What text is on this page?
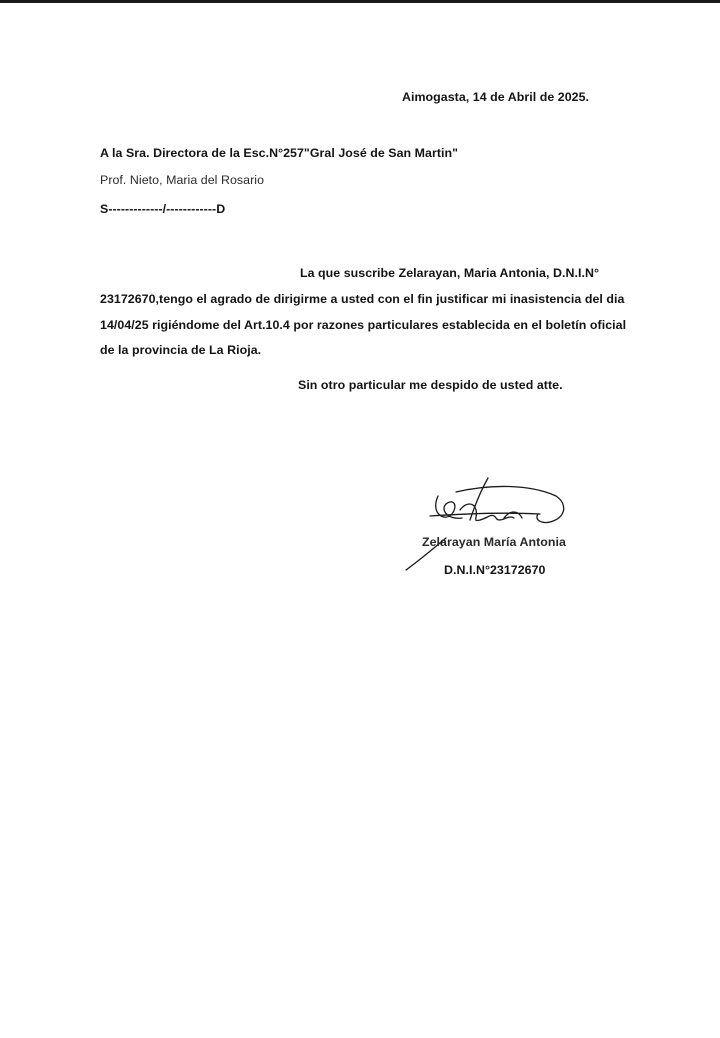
Aimogasta, 14 de Abril de 2025.
A la Sra. Directora de la Esc.N°257"Gral José de San Martin"
Prof. Nieto, Maria del Rosario
S-------------/------------D
La que suscribe Zelarayan, Maria Antonia, D.N.I.N°
23172670,tengo el agrado de dirigirme a usted con el fin justificar mi inasistencia del dia
14/04/25 rigiéndome del Art.10.4 por razones particulares establecida en el boletín oficial
de la provincia de La Rioja.
Sin otro particular me despido de usted atte.
Zelarayan María Antonia
D.N.I.N°23172670
